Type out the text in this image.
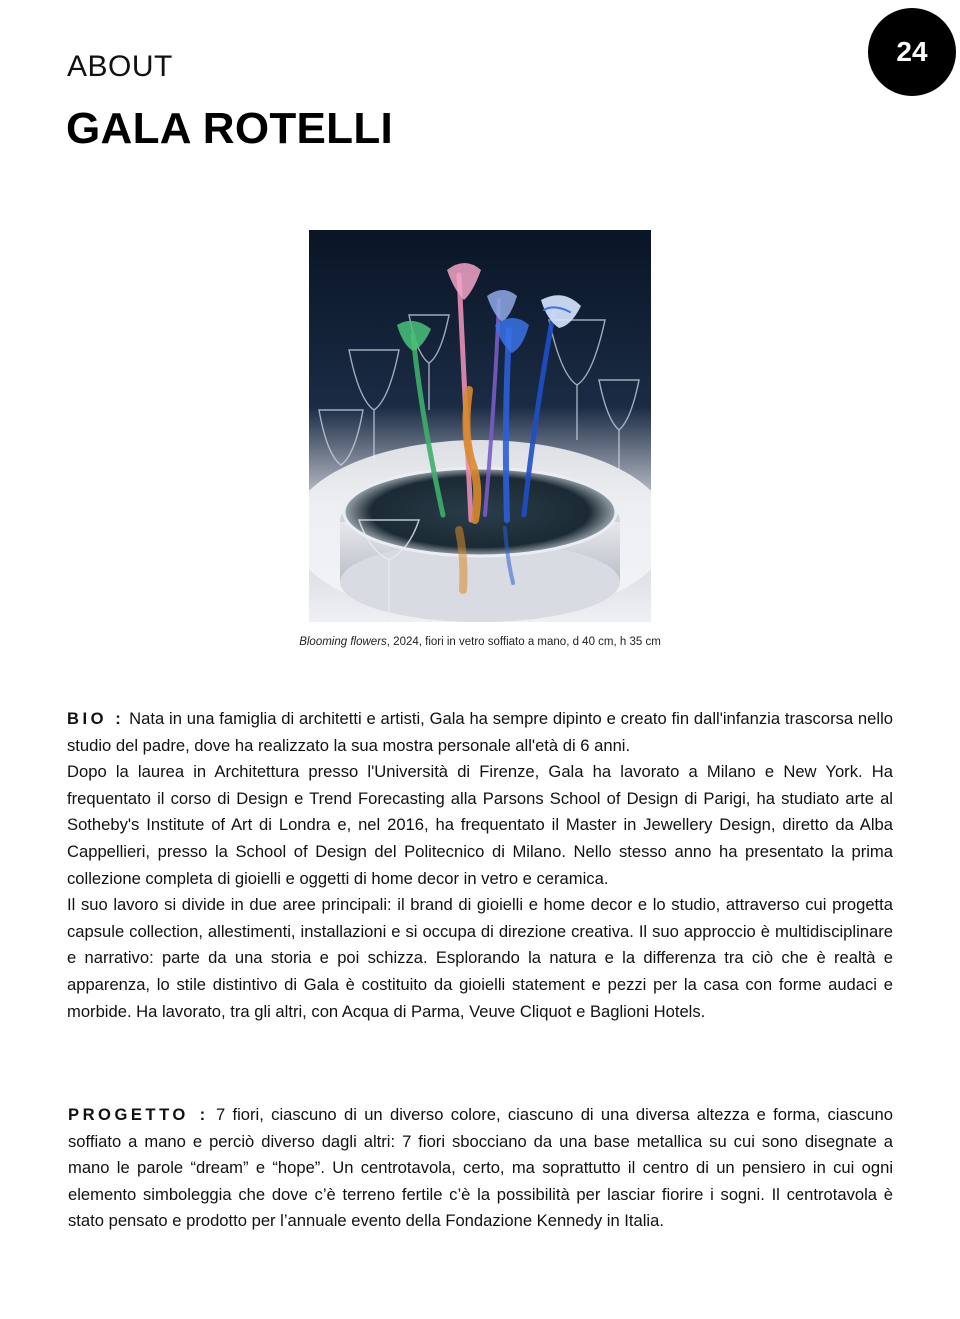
24
ABOUT
GALA ROTELLI
Blooming flowers, 2024, fiori in vetro soffiato a mano, d 40 cm, h 35 cm

BIO : Nata in una famiglia di architetti e artisti, Gala ha sempre dipinto e creato fin dall'infanzia trascorsa nello studio del padre, dove ha realizzato la sua mostra personale all'età di 6 anni.

Dopo la laurea in Architettura presso l'Università di Firenze, Gala ha lavorato a Milano e New York. Ha frequentato il corso di Design e Trend Forecasting alla Parsons School of Design di Parigi, ha studiato arte al Sotheby's Institute of Art di Londra e, nel 2016, ha frequentato il Master in Jewellery Design, diretto da Alba Cappellieri, presso la School of Design del Politecnico di Milano. Nello stesso anno ha presentato la prima collezione completa di gioielli e oggetti di home decor in vetro e ceramica.

Il suo lavoro si divide in due aree principali: il brand di gioielli e home decor e lo studio, attraverso cui progetta capsule collection, allestimenti, installazioni e si occupa di direzione creativa. Il suo approccio è multidisciplinare e narrativo: parte da una storia e poi schizza. Esplorando la natura e la differenza tra ciò che è realtà e apparenza, lo stile distintivo di Gala è costituito da gioielli statement e pezzi per la casa con forme audaci e morbide. Ha lavorato, tra gli altri, con Acqua di Parma, Veuve Cliquot e Baglioni Hotels.

PROGETTO : 7 fiori, ciascuno di un diverso colore, ciascuno di una diversa altezza e forma, ciascuno soffiato a mano e perciò diverso dagli altri: 7 fiori sbocciano da una base metallica su cui sono disegnate a mano le parole “dream” e “hope”. Un centrotavola, certo, ma soprattutto il centro di un pensiero in cui ogni elemento simboleggia che dove c’è terreno fertile c’è la possibilità per lasciar fiorire i sogni. Il centrotavola è stato pensato e prodotto per l’annuale evento della Fondazione Kennedy in Italia.
